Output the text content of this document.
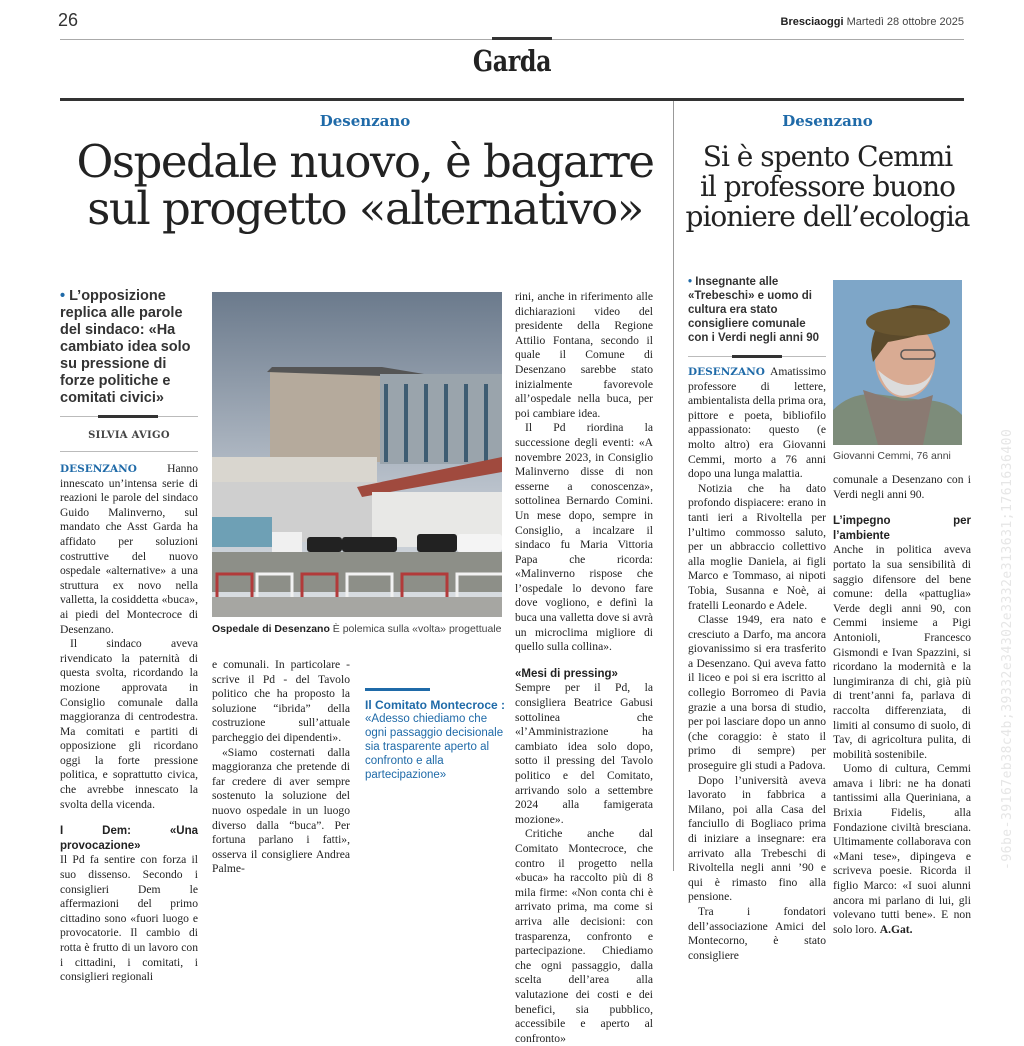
26	Bresciaoggi Martedì 28 ottobre 2025
Garda
Desenzano
Ospedale nuovo, è bagarre
sul progetto «alternativo»
• L’opposizione replica alle parole del sindaco: «Ha cambiato idea solo su pressione di forze politiche e comitati civici»
SILVIA AVIGO
Ospedale di Desenzano È polemica sulla «volta» progettuale

DESENZANO	Hanno innescato un’intensa serie di reazioni le parole del sindaco Guido Malinverno, sul mandato che Asst Garda ha affidato per soluzioni costruttive del nuovo ospedale «alternative» a una struttura ex novo nella valletta, la cosiddetta «buca», ai piedi del Montecroce di Desenzano.

Il sindaco aveva rivendicato la paternità di questa svolta, ricordando la mozione approvata in Consiglio comunale dalla maggioranza di centrodestra. Ma comitati e partiti di opposizione gli ricordano oggi la forte pressione politica, e soprattutto civica, che avrebbe innescato la svolta della vicenda.

I Dem: «Una provocazione»

Il Pd fa sentire con forza il suo dissenso. Secondo i consiglieri Dem le affermazioni del primo cittadino sono «fuori luogo e provocatorie. Il cambio di rotta è frutto di un lavoro con i cittadini, i comitati, i consiglieri regionali

e comunali. In particolare - scrive il Pd - del Tavolo politico che ha proposto la soluzione “ibrida” della costruzione sull’attuale parcheggio dei dipendenti».

«Siamo costernati dalla maggioranza che pretende di far credere di aver sempre sostenuto la soluzione del nuovo ospedale in un luogo diverso dalla “buca”. Per fortuna parlano i fatti», osserva il consigliere Andrea Palme-

Il Comitato Montecroce :
«Adesso chiediamo che ogni passaggio decisionale sia trasparente aperto al confronto e alla partecipazione»

rini, anche in riferimento alle dichiarazioni video del presidente della Regione Attilio Fontana, secondo il quale il Comune di Desenzano sarebbe stato inizialmente favorevole all’ospedale nella buca, per poi cambiare idea.

Il Pd riordina la successione degli eventi: «A novembre 2023, in Consiglio Malinverno disse di non esserne a conoscenza», sottolinea Bernardo Comini. Un mese dopo, sempre in Consiglio, a incalzare il sindaco fu Maria Vittoria Papa che ricorda: «Malinverno rispose che l’ospedale lo devono fare dove vogliono, e definì la buca una valletta dove si avrà un microclima migliore di quello sulla collina».

«Mesi di pressing»

Sempre per il Pd, la consigliera Beatrice Gabusi sottolinea che «l’Amministrazione ha cambiato idea solo dopo, sotto il pressing del Tavolo politico e del Comitato, arrivando solo a settembre 2024 alla famigerata mozione».

Critiche anche dal Comitato Montecroce, che contro il progetto nella «buca» ha raccolto più di 8 mila firme: «Non conta chi è arrivato prima, ma come si arriva alle decisioni: con trasparenza, confronto e partecipazione. Chiediamo che ogni passaggio, dalla scelta dell’area alla valutazione dei costi e dei benefici, sia pubblico, accessibile e aperto al confronto»

Desenzano
Si è spento Cemmi
il professore buono
pioniere dell’ecologia
• Insegnante alle «Trebeschi» e uomo di cultura era stato consigliere comunale con i Verdi negli anni 90
Giovanni Cemmi, 76 anni

DESENZANO Amatissimo professore di lettere, ambientalista della prima ora, pittore e poeta, bibliofilo appassionato: questo (e molto altro) era Giovanni Cemmi, morto a 76 anni dopo una lunga malattia.

Notizia che ha dato profondo dispiacere: erano in tanti ieri a Rivoltella per l’ultimo commosso saluto, per un abbraccio collettivo alla moglie Daniela, ai figli Marco e Tommaso, ai nipoti Tobia, Susanna e Noè, ai fratelli Leonardo e Adele.

Classe 1949, era nato e cresciuto a Darfo, ma ancora giovanissimo si era trasferito a Desenzano. Qui aveva fatto il liceo e poi si era iscritto al collegio Borromeo di Pavia grazie a una borsa di studio, per poi lasciare dopo un anno (che coraggio: è stato il primo di sempre) per proseguire gli studi a Padova.

Dopo l’università aveva lavorato in fabbrica a Milano, poi alla Casa del fanciullo di Bogliaco prima di iniziare a insegnare: era arrivato alla Trebeschi di Rivoltella negli anni ’90 e qui è rimasto fino alla pensione.

Tra i fondatori dell’associazione Amici del Montecorno, è stato consigliere

comunale a Desenzano con i Verdi negli anni 90.

L’impegno per l’ambiente

Anche in politica aveva portato la sua sensibilità di saggio difensore del bene comune: della «pattuglia» Verde degli anni 90, con Cemmi insieme a Pigi Antonioli, Francesco Gismondi e Ivan Spazzini, si ricordano la modernità e la lungimiranza di chi, già più di trent’anni fa, parlava di raccolta differenziata, di limiti al consumo di suolo, di Tav, di agricoltura pulita, di mobilità sostenibile.

Uomo di cultura, Cemmi amava i libri: ne ha donati tantissimi alla Queriniana, a Brixia Fidelis, alla Fondazione civiltà bresciana. Ultimamente collaborava con «Mani tese», dipingeva e scriveva poesie. Ricorda il figlio Marco: «I suoi alunni ancora mi parlano di lui, gli volevano tutti bene». E non solo loro. A.Gat.

-96be-39167eb38c4b;39332e34302e3332e313631;1761636400
